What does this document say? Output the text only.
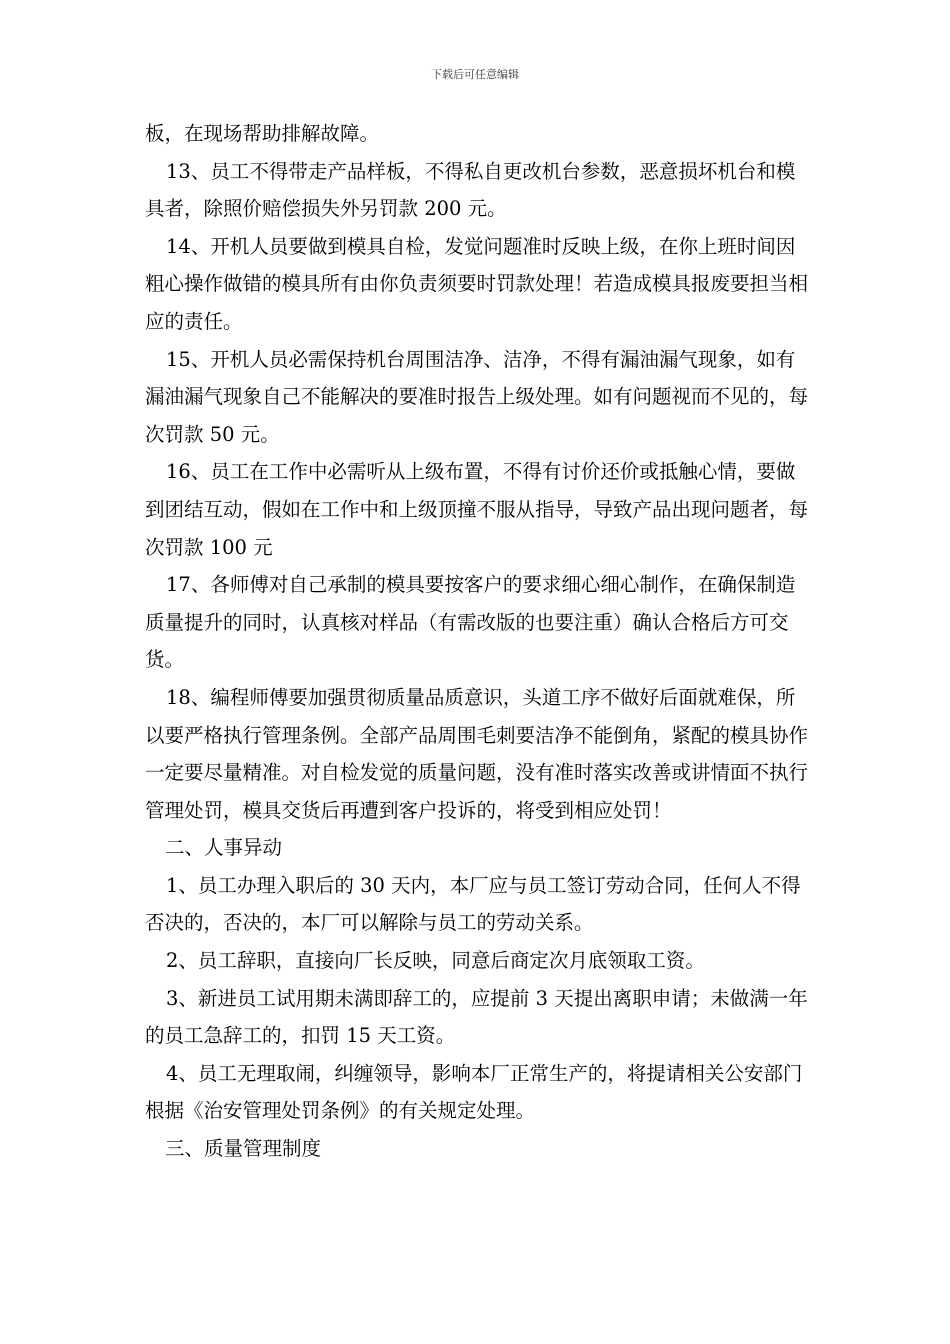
下载后可任意编辑

板，在现场帮助排解故障。

13、员工不得带走产品样板，不得私自更改机台参数，恶意损坏机台和模具者，除照价赔偿损失外另罚款 200 元。

14、开机人员要做到模具自检，发觉问题准时反映上级，在你上班时间因粗心操作做错的模具所有由你负责须要时罚款处理！若造成模具报废要担当相应的责任。

15、开机人员必需保持机台周围洁净、洁净，不得有漏油漏气现象，如有漏油漏气现象自己不能解决的要准时报告上级处理。如有问题视而不见的，每次罚款 50 元。

16、员工在工作中必需听从上级布置，不得有讨价还价或抵触心情，要做到团结互动，假如在工作中和上级顶撞不服从指导，导致产品出现问题者，每次罚款 100 元

17、各师傅对自己承制的模具要按客户的要求细心细心制作，在确保制造质量提升的同时，认真核对样品（有需改版的也要注重）确认合格后方可交货。

18、编程师傅要加强贯彻质量品质意识，头道工序不做好后面就难保，所以要严格执行管理条例。全部产品周围毛刺要洁净不能倒角，紧配的模具协作一定要尽量精准。对自检发觉的质量问题，没有准时落实改善或讲情面不执行管理处罚，模具交货后再遭到客户投诉的，将受到相应处罚！

二、人事异动

1、员工办理入职后的 30 天内，本厂应与员工签订劳动合同，任何人不得否决的，否决的，本厂可以解除与员工的劳动关系。

2、员工辞职，直接向厂长反映，同意后商定次月底领取工资。

3、新进员工试用期未满即辞工的，应提前 3 天提出离职申请；未做满一年的员工急辞工的，扣罚 15 天工资。

4、员工无理取闹，纠缠领导，影响本厂正常生产的，将提请相关公安部门根据《治安管理处罚条例》的有关规定处理。

三、质量管理制度
